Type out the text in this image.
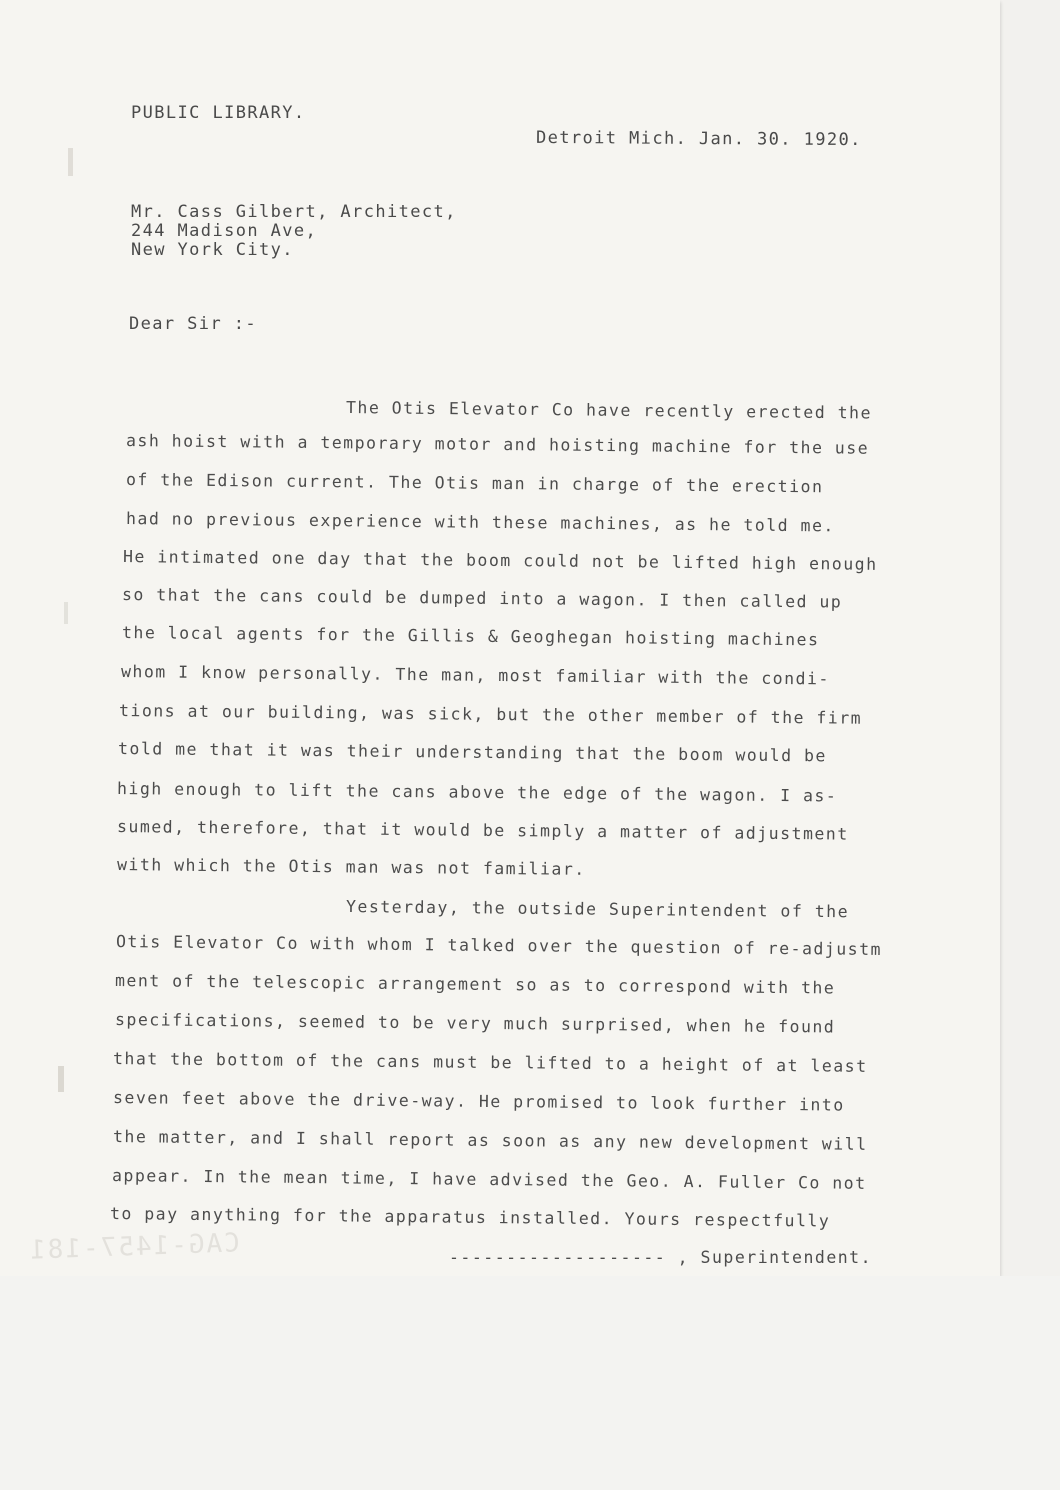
PUBLIC LIBRARY.
Detroit Mich. Jan. 30. 1920.
Mr. Cass Gilbert, Architect,
244 Madison Ave,
New York City.
Dear Sir :-
The Otis Elevator Co have recently erected the
ash hoist with a temporary motor and hoisting machine for the use
of the Edison current. The Otis man in charge of the erection
had no previous experience with these machines, as he told me.
He intimated one day that the boom could not be lifted high enough
so that the cans could be dumped into a wagon. I then called up
the local agents for the Gillis & Geoghegan hoisting machines
whom I know personally. The man, most familiar with the condi-
tions at our building, was sick, but the other member of the firm
told me that it was their understanding that the boom would be
high enough to lift the cans above the edge of the wagon. I as-
sumed, therefore, that it would be simply a matter of adjustment
with which the Otis man was not familiar.
Yesterday, the outside Superintendent of the
Otis Elevator Co with whom I talked over the question of re-adjustm
ment of the telescopic arrangement so as to correspond with the
specifications, seemed to be very much surprised, when he found
that the bottom of the cans must be lifted to a height of at least
seven feet above the drive-way. He promised to look further into
the matter, and I shall report as soon as any new development will
appear. In the mean time, I have advised the Geo. A. Fuller Co not
to pay anything for the apparatus installed. Yours respectfully
------------------- , Superintendent.
CAG-1457-181
